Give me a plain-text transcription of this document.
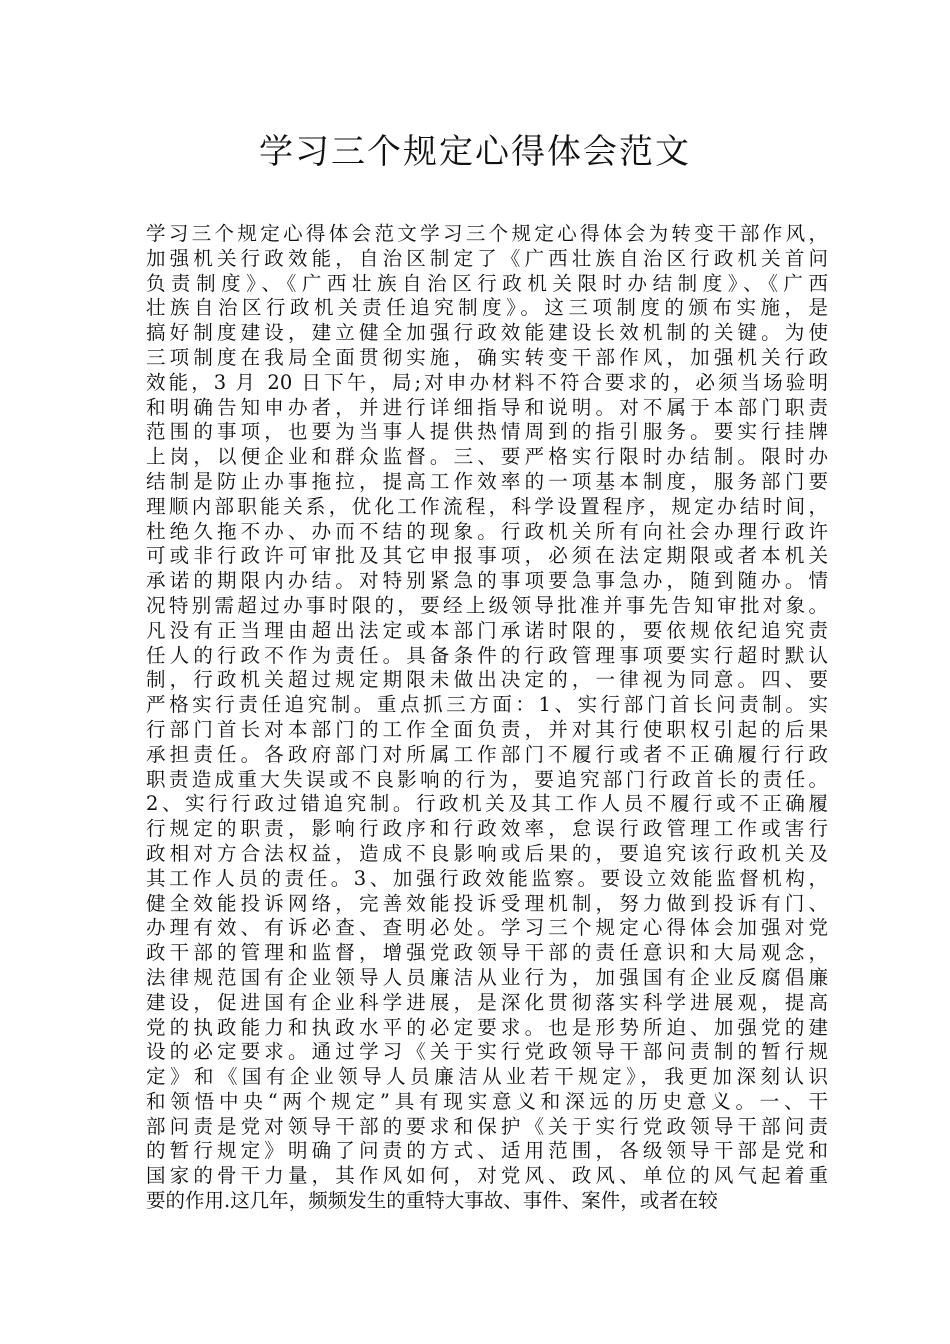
学习三个规定心得体会范文
学习三个规定心得体会范文学习三个规定心得体会为转变干部作风，
加强机关行政效能，自治区制定了《广西壮族自治区行政机关首问
负责制度》、《广西壮族自治区行政机关限时办结制度》、《广西
壮族自治区行政机关责任追究制度》。这三项制度的颁布实施，是
搞好制度建设，建立健全加强行政效能建设长效机制的关键。为使
三项制度在我局全面贯彻实施，确实转变干部作风，加强机关行政
效能，3 月 20 日下午，局;对申办材料不符合要求的，必须当场验明
和明确告知申办者，并进行详细指导和说明。对不属于本部门职责
范围的事项，也要为当事人提供热情周到的指引服务。要实行挂牌
上岗，以便企业和群众监督。三、要严格实行限时办结制。限时办
结制是防止办事拖拉，提高工作效率的一项基本制度，服务部门要
理顺内部职能关系，优化工作流程，科学设置程序，规定办结时间，
杜绝久拖不办、办而不结的现象。行政机关所有向社会办理行政许
可或非行政许可审批及其它申报事项，必须在法定期限或者本机关
承诺的期限内办结。对特别紧急的事项要急事急办，随到随办。情
况特别需超过办事时限的，要经上级领导批准并事先告知审批对象。
凡没有正当理由超出法定或本部门承诺时限的，要依规依纪追究责
任人的行政不作为责任。具备条件的行政管理事项要实行超时默认
制，行政机关超过规定期限未做出决定的，一律视为同意。四、要
严格实行责任追究制。重点抓三方面：1、实行部门首长问责制。实
行部门首长对本部门的工作全面负责，并对其行使职权引起的后果
承担责任。各政府部门对所属工作部门不履行或者不正确履行行政
职责造成重大失误或不良影响的行为，要追究部门行政首长的责任。
2、实行行政过错追究制。行政机关及其工作人员不履行或不正确履
行规定的职责，影响行政序和行政效率，怠误行政管理工作或害行
政相对方合法权益，造成不良影响或后果的，要追究该行政机关及
其工作人员的责任。3、加强行政效能监察。要设立效能监督机构，
健全效能投诉网络，完善效能投诉受理机制，努力做到投诉有门、
办理有效、有诉必查、查明必处。学习三个规定心得体会加强对党
政干部的管理和监督，增强党政领导干部的责任意识和大局观念，
法律规范国有企业领导人员廉洁从业行为，加强国有企业反腐倡廉
建设，促进国有企业科学进展，是深化贯彻落实科学进展观，提高
党的执政能力和执政水平的必定要求。也是形势所迫、加强党的建
设的必定要求。通过学习《关于实行党政领导干部问责制的暂行规
定》和《国有企业领导人员廉洁从业若干规定》，我更加深刻认识
和领悟中央“两个规定”具有现实意义和深远的历史意义。一、干
部问责是党对领导干部的要求和保护《关于实行党政领导干部问责
的暂行规定》明确了问责的方式、适用范围，各级领导干部是党和
国家的骨干力量，其作风如何，对党风、政风、单位的风气起着重
要的作用.这几年，频频发生的重特大事故、事件、案件，或者在较
